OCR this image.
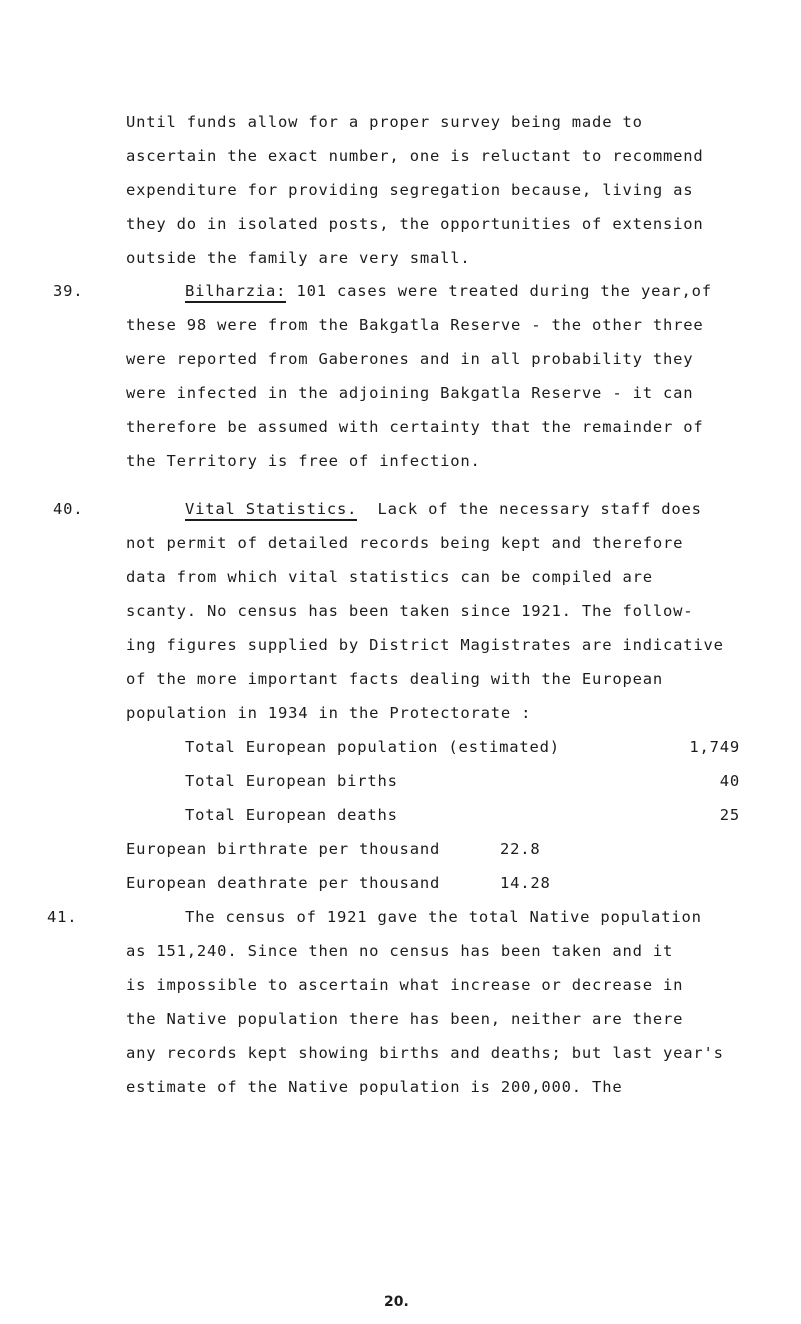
Until funds allow for a proper survey being made to
ascertain the exact number, one is reluctant to recommend
expenditure for providing segregation because, living as
they do in isolated posts, the opportunities of extension
outside the family are very small.
39.	Bilharzia: 101 cases were treated during the year,of
these 98 were from the Bakgatla Reserve - the other three
were reported from Gaberones and in all probability they
were infected in the adjoining Bakgatla Reserve - it can
therefore be assumed with certainty that the remainder of
the Territory is free of infection.
40.	Vital Statistics.  Lack of the necessary staff does
not permit of detailed records being kept and therefore
data from which vital statistics can be compiled are
scanty. No census has been taken since 1921. The follow-
ing figures supplied by District Magistrates are indicative
of the more important facts dealing with the European
population in 1934 in the Protectorate :
Total European population (estimated)	1,749
Total European births	40
Total European deaths	25
European birthrate per thousand	22.8
European deathrate per thousand	14.28
41.	The census of 1921 gave the total Native population
as 151,240. Since then no census has been taken and it
is impossible to ascertain what increase or decrease in
the Native population there has been, neither are there
any records kept showing births and deaths; but last year's
estimate of the Native population is 200,000. The
20.
